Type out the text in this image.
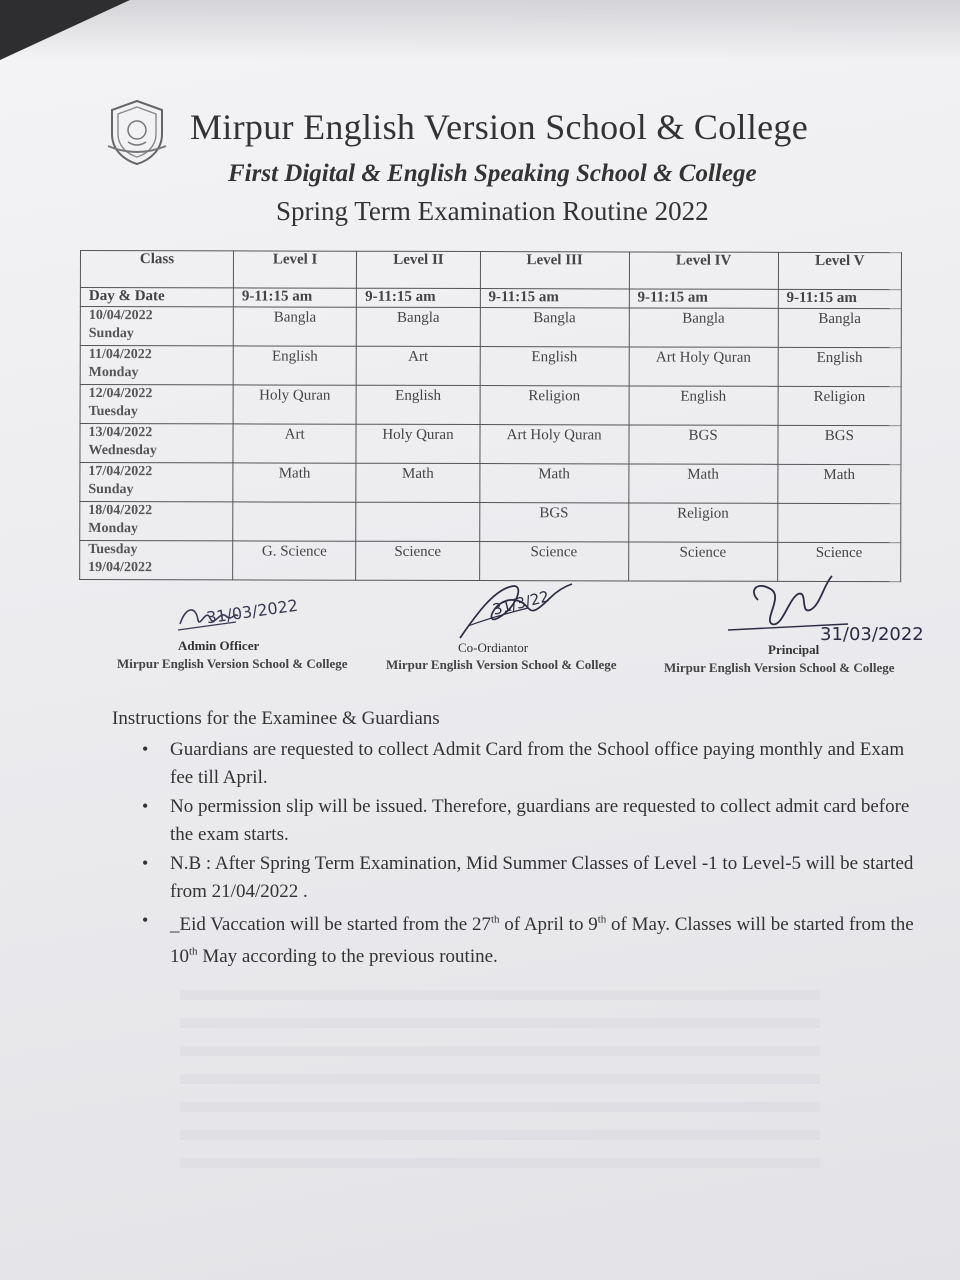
Mirpur English Version School & College
First Digital & English Speaking School & College
Spring Term Examination Routine 2022
Class	Level I	Level II	Level III	Level IV	Level V
Day & Date	9-11:15 am	9-11:15 am	9-11:15 am	9-11:15 am	9-11:15 am

10/04/2022
Sunday	Bangla	Bangla	Bangla	Bangla	Bangla

11/04/2022
Monday	English	Art	English	Art Holy Quran	English

12/04/2022
Tuesday	Holy Quran	English	Religion	English	Religion

13/04/2022
Wednesday	Art	Holy Quran	Art Holy Quran	BGS	BGS

17/04/2022
Sunday	Math	Math	Math	Math	Math

18/04/2022
Monday			BGS	Religion	

Tuesday
19/04/2022	G. Science	Science	Science	Science	Science
31/03/2022
Admin Officer
Mirpur English Version School & College
31/3/22
Co-Ordiantor
Mirpur English Version School & College
31/03/2022
Principal
Mirpur English Version School & College
Instructions for the Examinee & Guardians
• Guardians are requested to collect Admit Card from the School office paying monthly and Exam fee till April.
• No permission slip will be issued. Therefore, guardians are requested to collect admit card before the exam starts.
• N.B : After Spring Term Examination, Mid Summer Classes of Level -1 to Level-5 will be started from 21/04/2022 .
• _Eid Vaccation will be started from the 27th of April to 9th of May. Classes will be started from the 10th May according to the previous routine.
